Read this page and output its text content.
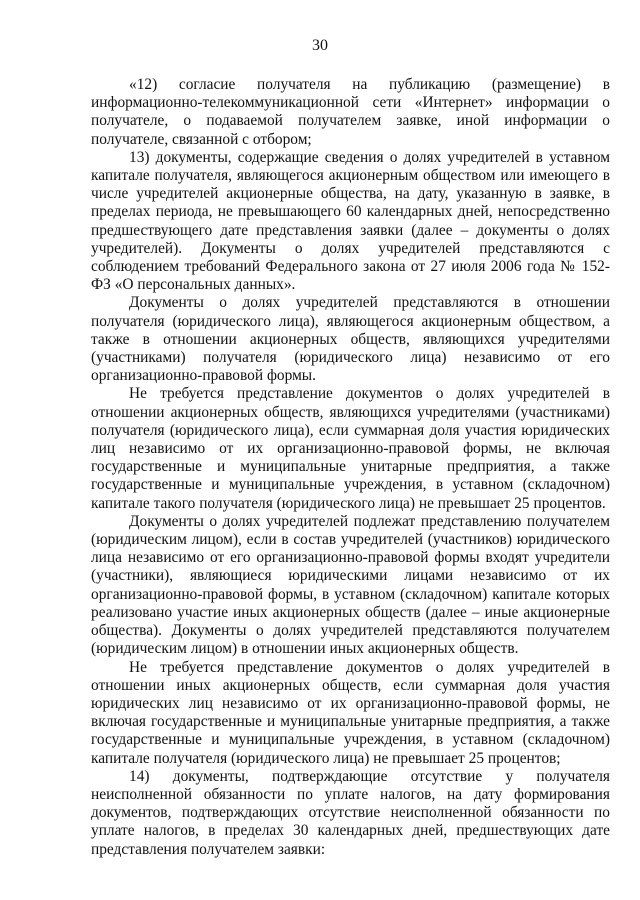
30

«12) согласие получателя на публикацию (размещение) в информационно-телекоммуникационной сети «Интернет» информации о получателе, о подаваемой получателем заявке, иной информации о получателе, связанной с отбором;

13) документы, содержащие сведения о долях учредителей в уставном капитале получателя, являющегося акционерным обществом или имеющего в числе учредителей акционерные общества, на дату, указанную в заявке, в пределах периода, не превышающего 60 календарных дней, непосредственно предшествующего дате представления заявки (далее – документы о долях учредителей). Документы о долях учредителей представляются с соблюдением требований Федерального закона от 27 июля 2006 года № 152-ФЗ «О персональных данных».

Документы о долях учредителей представляются в отношении получателя (юридического лица), являющегося акционерным обществом, а также в отношении акционерных обществ, являющихся учредителями (участниками) получателя (юридического лица) независимо от его организационно-правовой формы.

Не требуется представление документов о долях учредителей в отношении акционерных обществ, являющихся учредителями (участниками) получателя (юридического лица), если суммарная доля участия юридических лиц независимо от их организационно-правовой формы, не включая государственные и муниципальные унитарные предприятия, а также государственные и муниципальные учреждения, в уставном (складочном) капитале такого получателя (юридического лица) не превышает 25 процентов.

Документы о долях учредителей подлежат представлению получателем (юридическим лицом), если в состав учредителей (участников) юридического лица независимо от его организационно-правовой формы входят учредители (участники), являющиеся юридическими лицами независимо от их организационно-правовой формы, в уставном (складочном) капитале которых реализовано участие иных акционерных обществ (далее – иные акционерные общества). Документы о долях учредителей представляются получателем (юридическим лицом) в отношении иных акционерных обществ.

Не требуется представление документов о долях учредителей в отношении иных акционерных обществ, если суммарная доля участия юридических лиц независимо от их организационно-правовой формы, не включая государственные и муниципальные унитарные предприятия, а также государственные и муниципальные учреждения, в уставном (складочном) капитале получателя (юридического лица) не превышает 25 процентов;

14) документы, подтверждающие отсутствие у получателя неисполненной обязанности по уплате налогов, на дату формирования документов, подтверждающих отсутствие неисполненной обязанности по уплате налогов, в пределах 30 календарных дней, предшествующих дате представления получателем заявки:
